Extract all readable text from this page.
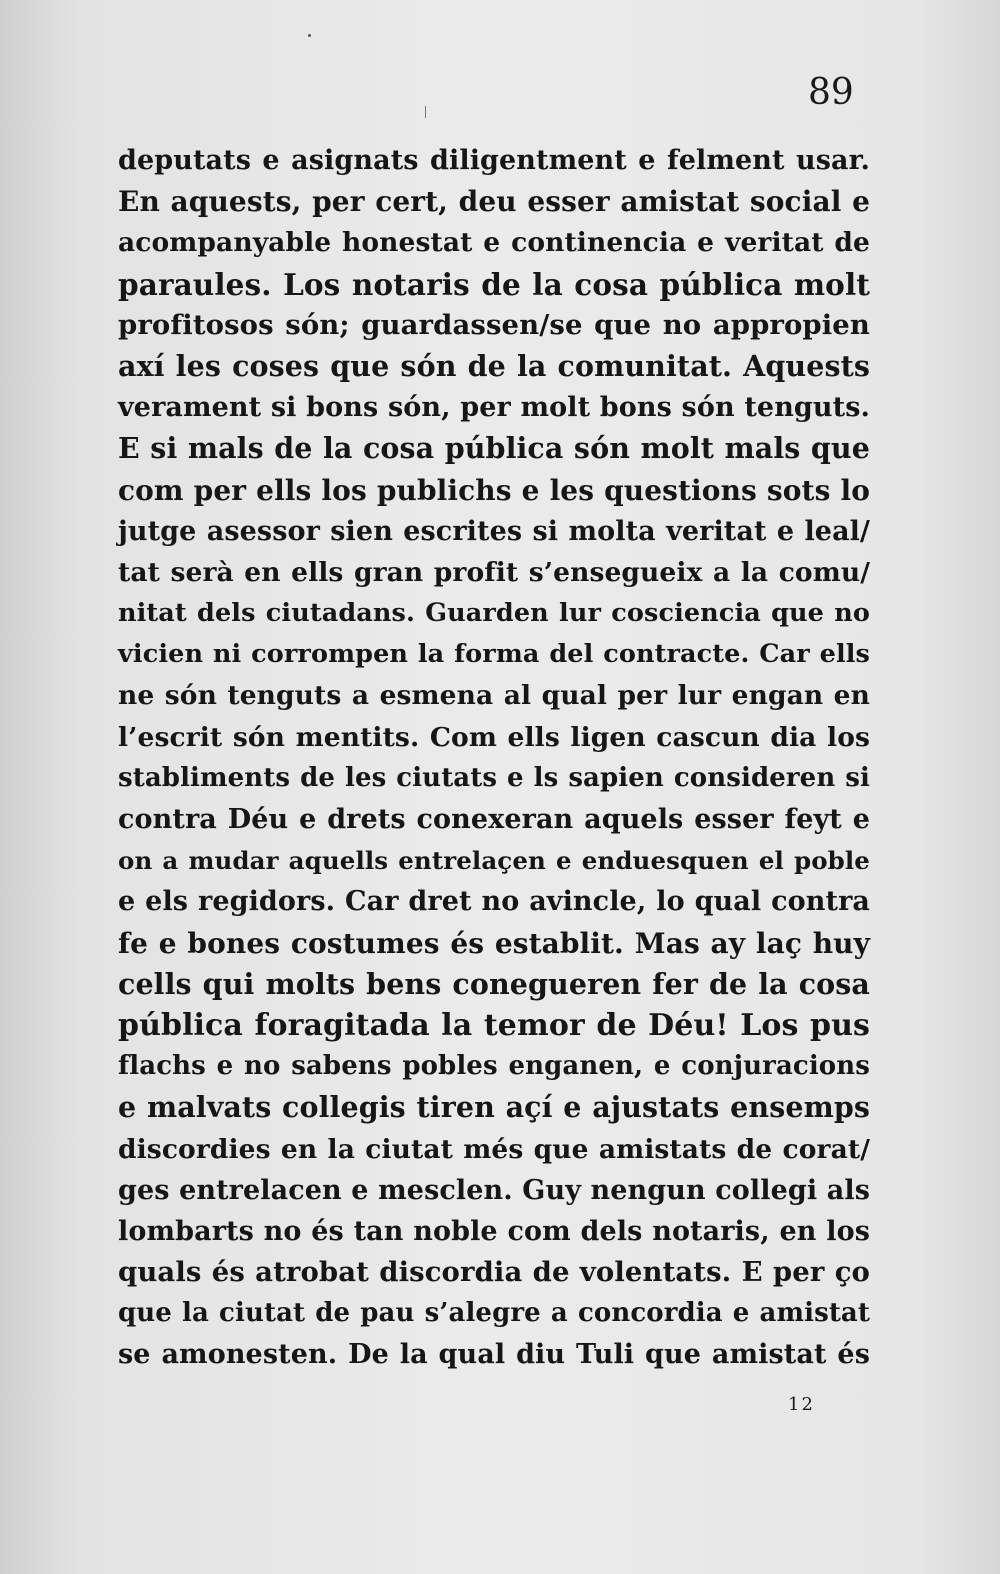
89

deputats e asignats diligentment e felment usar.
En aquests, per cert, deu esser amistat social e
acompanyable honestat e continencia e veritat de
paraules. Los notaris de la cosa pública molt
profitosos són; guardassen/se que no appropien
axí les coses que són de la comunitat. Aquests
verament si bons són, per molt bons són tenguts.
E si mals de la cosa pública són molt mals que
com per ells los publichs e les questions sots lo
jutge asessor sien escrites si molta veritat e leal/
tat serà en ells gran profit s’enseguеix a la comu/
nitat dels ciutadans. Guarden lur cosciencia que no
vicien ni corrompen la forma del contracte. Car ells
ne són tenguts a esmena al qual per lur engan en
l’escrit són mentits. Com ells ligen cascun dia los
stabliments de les ciutats e ls sapien consideren si
contra Déu e drets conexeran aquels esser feyt e
on a mudar aquells entrelaçen e enduesquen el poble
e els regidors. Car dret no avincle, lo qual contra
fe e bones costumes és establit. Mas ay laç huy
cells qui molts bens conegueren fer de la cosa
pública foragitada la temor de Déu! Los pus
flachs e no sabens pobles enganen, e conjuracions
e malvats collegis tiren açí e ajustats ensemps
discordies en la ciutat més que amistats de corat/
ges entrelacen e mesclen. Guy nengun collegi als
lombarts no és tan noble com dels notaris, en los
quals és atrobat discordia de volentats. E per ço
que la ciutat de pau s’alegre a concordia e amistat
se amonesten. De la qual diu Tuli que amistat és

12
